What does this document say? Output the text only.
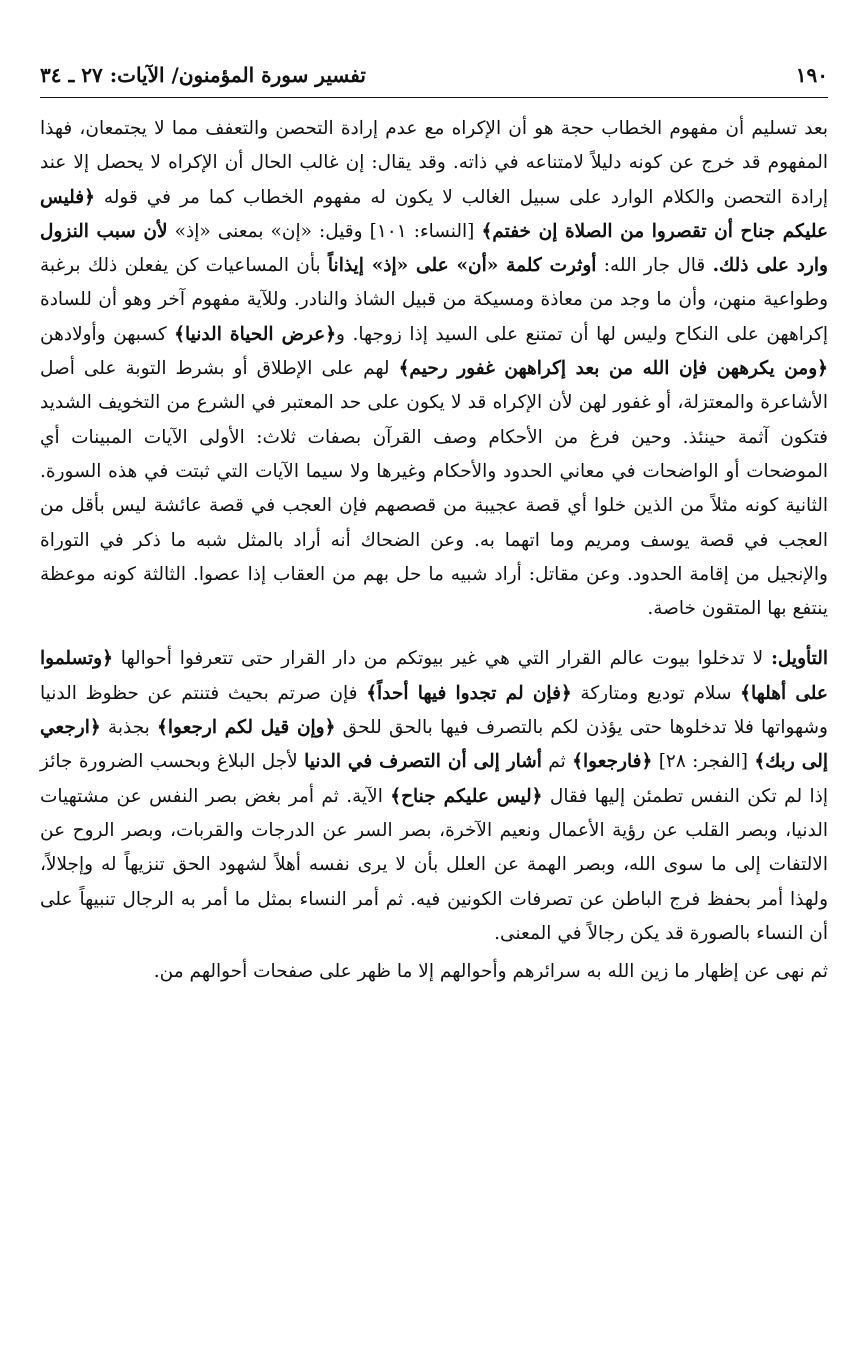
١٩٠
تفسير سورة المؤمنون/ الآيات: ٢٧ ـ ٣٤

بعد تسليم أن مفهوم الخطاب حجة هو أن الإكراه مع عدم إرادة التحصن والتعفف مما لا يجتمعان، فهذا المفهوم قد خرج عن كونه دليلاً لامتناعه في ذاته. وقد يقال: إن غالب الحال أن الإكراه لا يحصل إلا عند إرادة التحصن والكلام الوارد على سبيل الغالب لا يكون له مفهوم الخطاب كما مر في قوله ﴿فليس عليكم جناح أن تقصروا من الصلاة إن خفتم﴾ [النساء: ١٠١] وقيل: «إن» بمعنى «إذ» لأن سبب النزول وارد على ذلك. قال جار الله: أوثرت كلمة «أن» على «إذ» إيذاناً بأن المساعيات كن يفعلن ذلك برغبة وطواعية منهن، وأن ما وجد من معاذة ومسيكة من قبيل الشاذ والنادر. وللآية مفهوم آخر وهو أن للسادة إكراههن على النكاح وليس لها أن تمتنع على السيد إذا زوجها. و﴿عرض الحياة الدنيا﴾ كسبهن وأولادهن ﴿ومن يكرههن فإن الله من بعد إكراههن غفور رحيم﴾ لهم على الإطلاق أو بشرط التوبة على أصل الأشاعرة والمعتزلة، أو غفور لهن لأن الإكراه قد لا يكون على حد المعتبر في الشرع من التخويف الشديد فتكون آثمة حينئذ. وحين فرغ من الأحكام وصف القرآن بصفات ثلاث: الأولى الآيات المبينات أي الموضحات أو الواضحات في معاني الحدود والأحكام وغيرها ولا سيما الآيات التي ثبتت في هذه السورة. الثانية كونه مثلاً من الذين خلوا أي قصة عجيبة من قصصهم فإن العجب في قصة عائشة ليس بأقل من العجب في قصة يوسف ومريم وما اتهما به. وعن الضحاك أنه أراد بالمثل شبه ما ذكر في التوراة والإنجيل من إقامة الحدود. وعن مقاتل: أراد شبيه ما حل بهم من العقاب إذا عصوا. الثالثة كونه موعظة ينتفع بها المتقون خاصة.

التأويل: لا تدخلوا بيوت عالم القرار التي هي غير بيوتكم من دار القرار حتى تتعرفوا أحوالها ﴿وتسلموا على أهلها﴾ سلام توديع ومتاركة ﴿فإن لم تجدوا فيها أحداً﴾ فإن صرتم بحيث فتنتم عن حظوظ الدنيا وشهواتها فلا تدخلوها حتى يؤذن لكم بالتصرف فيها بالحق للحق ﴿وإن قيل لكم ارجعوا﴾ بجذبة ﴿ارجعي إلى ربك﴾ [الفجر: ٢٨] ﴿فارجعوا﴾ ثم أشار إلى أن التصرف في الدنيا لأجل البلاغ وبحسب الضرورة جائز إذا لم تكن النفس تطمئن إليها فقال ﴿ليس عليكم جناح﴾ الآية. ثم أمر بغض بصر النفس عن مشتهيات الدنيا، وبصر القلب عن رؤية الأعمال ونعيم الآخرة، بصر السر عن الدرجات والقربات، وبصر الروح عن الالتفات إلى ما سوى الله، وبصر الهمة عن العلل بأن لا يرى نفسه أهلاً لشهود الحق تنزيهاً له وإجلالاً، ولهذا أمر بحفظ فرج الباطن عن تصرفات الكونين فيه. ثم أمر النساء بمثل ما أمر به الرجال تنبيهاً على أن النساء بالصورة قد يكن رجالاً في المعنى.

ثم نهى عن إظهار ما زين الله به سرائرهم وأحوالهم إلا ما ظهر على صفحات أحوالهم من.
